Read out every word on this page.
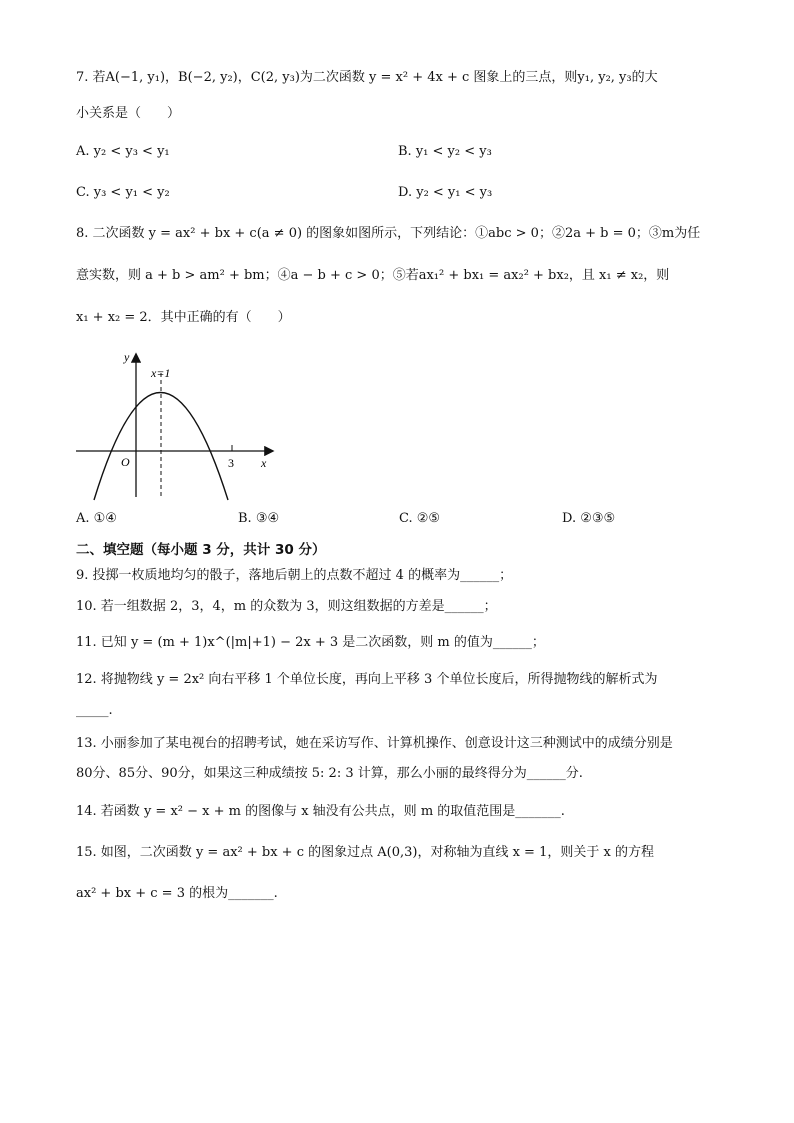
7. 若A(−1, y₁)，B(−2, y₂)，C(2, y₃)为二次函数 y = x² + 4x + c 图象上的三点，则y₁, y₂, y₃的大
小关系是（　　）
A. y₂ < y₃ < y₁	B. y₁ < y₂ < y₃
C. y₃ < y₁ < y₂	D. y₂ < y₁ < y₃
8. 二次函数 y = ax² + bx + c(a ≠ 0) 的图象如图所示，下列结论：①abc > 0；②2a + b = 0；③m为任
意实数，则 a + b > am² + bm；④a − b + c > 0；⑤若ax₁² + bx₁ = ax₂² + bx₂，且 x₁ ≠ x₂，则
x₁ + x₂ = 2．其中正确的有（　　）
y
x
O
x=1
3
A. ①④	B. ③④	C. ②⑤	D. ②③⑤
二、填空题（每小题 3 分，共计 30 分）
9. 投掷一枚质地均匀的骰子，落地后朝上的点数不超过 4 的概率为______；
10. 若一组数据 2，3，4，m 的众数为 3，则这组数据的方差是______；
11. 已知 y = (m + 1)x^(|m|+1) − 2x + 3 是二次函数，则 m 的值为______；
12. 将抛物线 y = 2x² 向右平移 1 个单位长度，再向上平移 3 个单位长度后，所得抛物线的解析式为
_____.
13. 小丽参加了某电视台的招聘考试，她在采访写作、计算机操作、创意设计这三种测试中的成绩分别是
80分、85分、90分，如果这三种成绩按 5: 2: 3 计算，那么小丽的最终得分为______分.
14. 若函数 y = x² − x + m 的图像与 x 轴没有公共点，则 m 的取值范围是_______.
15. 如图，二次函数 y = ax² + bx + c 的图象过点 A(0,3)，对称轴为直线 x = 1，则关于 x 的方程
ax² + bx + c = 3 的根为_______.
